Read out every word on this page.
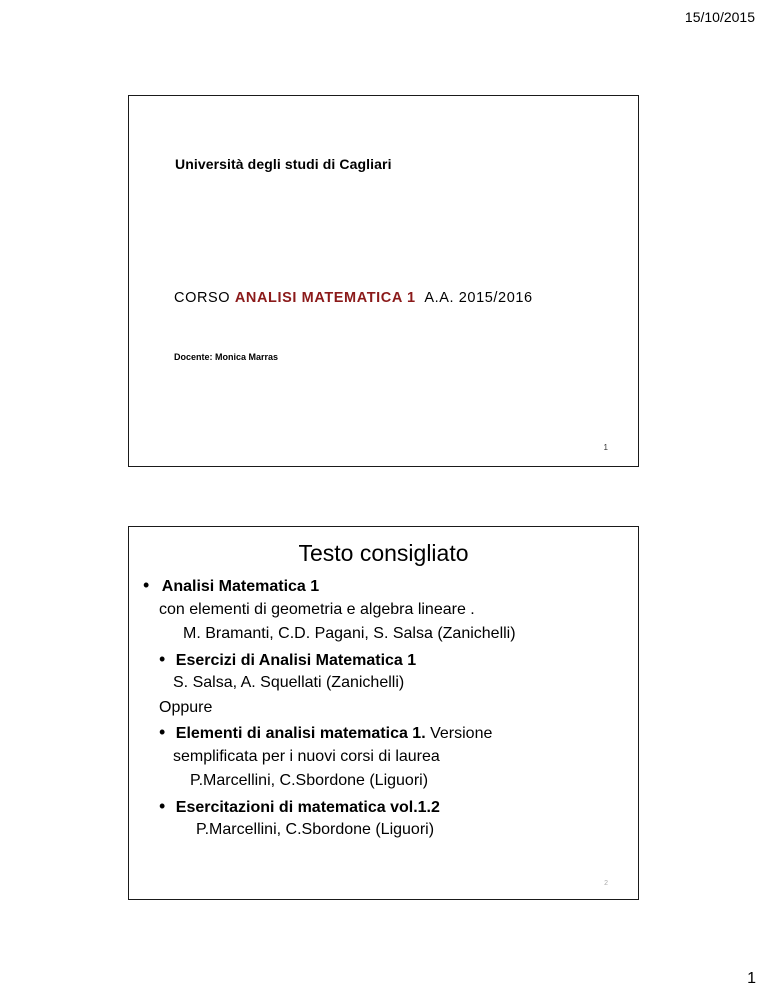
15/10/2015
Università degli studi di Cagliari
CORSO ANALISI MATEMATICA 1 A.A. 2015/2016
Docente: Monica Marras
1
Testo consigliato
• Analisi Matematica 1
con elementi di geometria e algebra lineare .
M. Bramanti, C.D. Pagani, S. Salsa (Zanichelli)
• Esercizi di Analisi Matematica 1
S. Salsa, A. Squellati (Zanichelli)
Oppure
• Elementi di analisi matematica 1. Versione
semplificata per i nuovi corsi di laurea
P.Marcellini, C.Sbordone (Liguori)
• Esercitazioni di matematica vol.1.2
P.Marcellini, C.Sbordone (Liguori)
2
1
